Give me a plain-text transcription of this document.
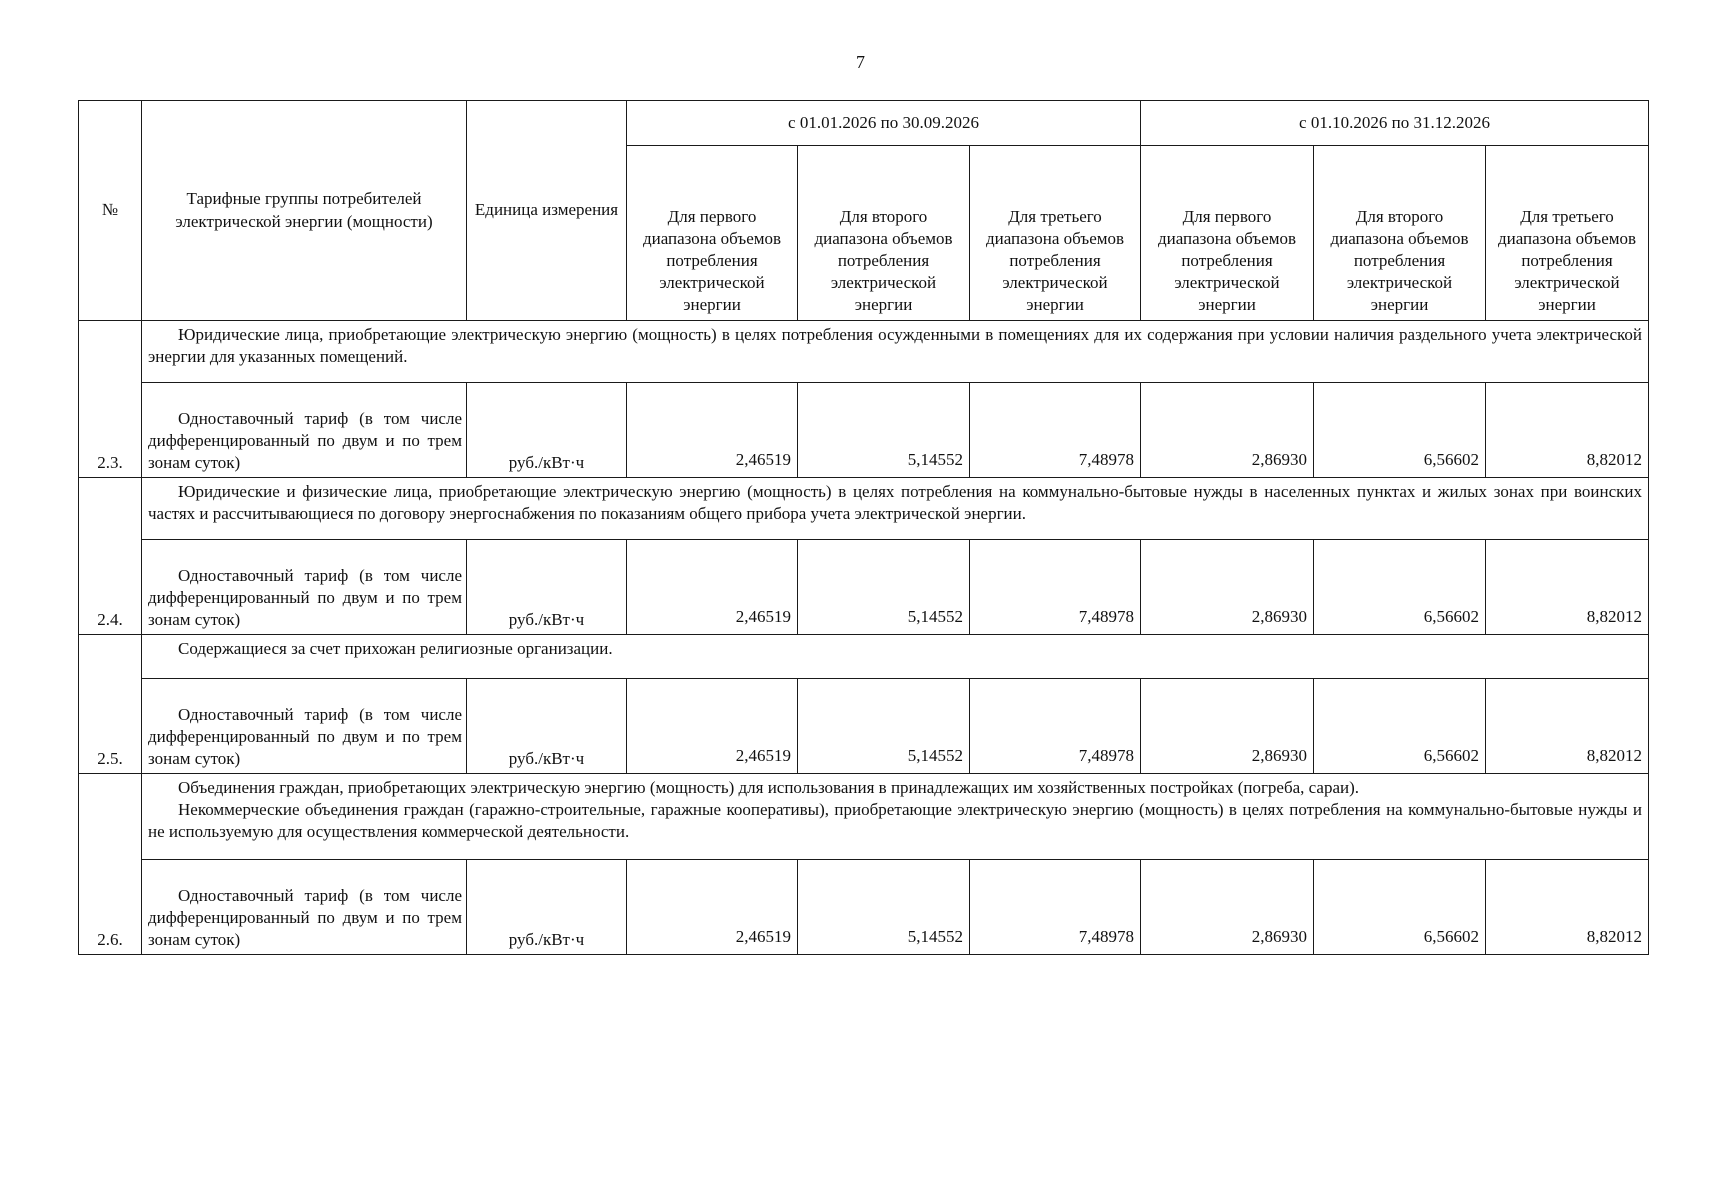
7
№	Тарифные группы потребителей электрической энергии (мощности)	Единица измерения	с 01.01.2026 по 30.09.2026			с 01.10.2026 по 31.12.2026		
			Для первого диапазона объемов потребления электрической энергии	Для второго диапазона объемов потребления электрической энергии	Для третьего диапазона объемов потребления электрической энергии	Для первого диапазона объемов потребления электрической энергии	Для второго диапазона объемов потребления электрической энергии	Для третьего диапазона объемов потребления электрической энергии
2.3.	Юридические лица, приобретающие электрическую энергию (мощность) в целях потребления осужденными в помещениях для их содержания при условии наличия раздельного учета электрической энергии для указанных помещений.							

	Одноставочный тариф (в том числе дифференцированный по двум и по трем зонам суток)	руб./кВт·ч	2,46519	5,14552	7,48978	2,86930	6,56602	8,82012
2.4.	Юридические и физические лица, приобретающие электрическую энергию (мощность) в целях потребления на коммунально-бытовые нужды в населенных пунктах и жилых зонах при воинских частях и рассчитывающиеся по договору энергоснабжения по показаниям общего прибора учета электрической энергии.							

	Одноставочный тариф (в том числе дифференцированный по двум и по трем зонам суток)	руб./кВт·ч	2,46519	5,14552	7,48978	2,86930	6,56602	8,82012
2.5.	Содержащиеся за счет прихожан религиозные организации.							

	Одноставочный тариф (в том числе дифференцированный по двум и по трем зонам суток)	руб./кВт·ч	2,46519	5,14552	7,48978	2,86930	6,56602	8,82012
2.6.	Объединения граждан, приобретающих электрическую энергию (мощность) для использования в принадлежащих им хозяйственных постройках (погреба, сараи).

Некоммерческие объединения граждан (гаражно-строительные, гаражные кооперативы), приобретающие электрическую энергию (мощность) в целях потребления на коммунально-бытовые нужды и не используемую для осуществления коммерческой деятельности.							

	Одноставочный тариф (в том числе дифференцированный по двум и по трем зонам суток)	руб./кВт·ч	2,46519	5,14552	7,48978	2,86930	6,56602	8,82012
